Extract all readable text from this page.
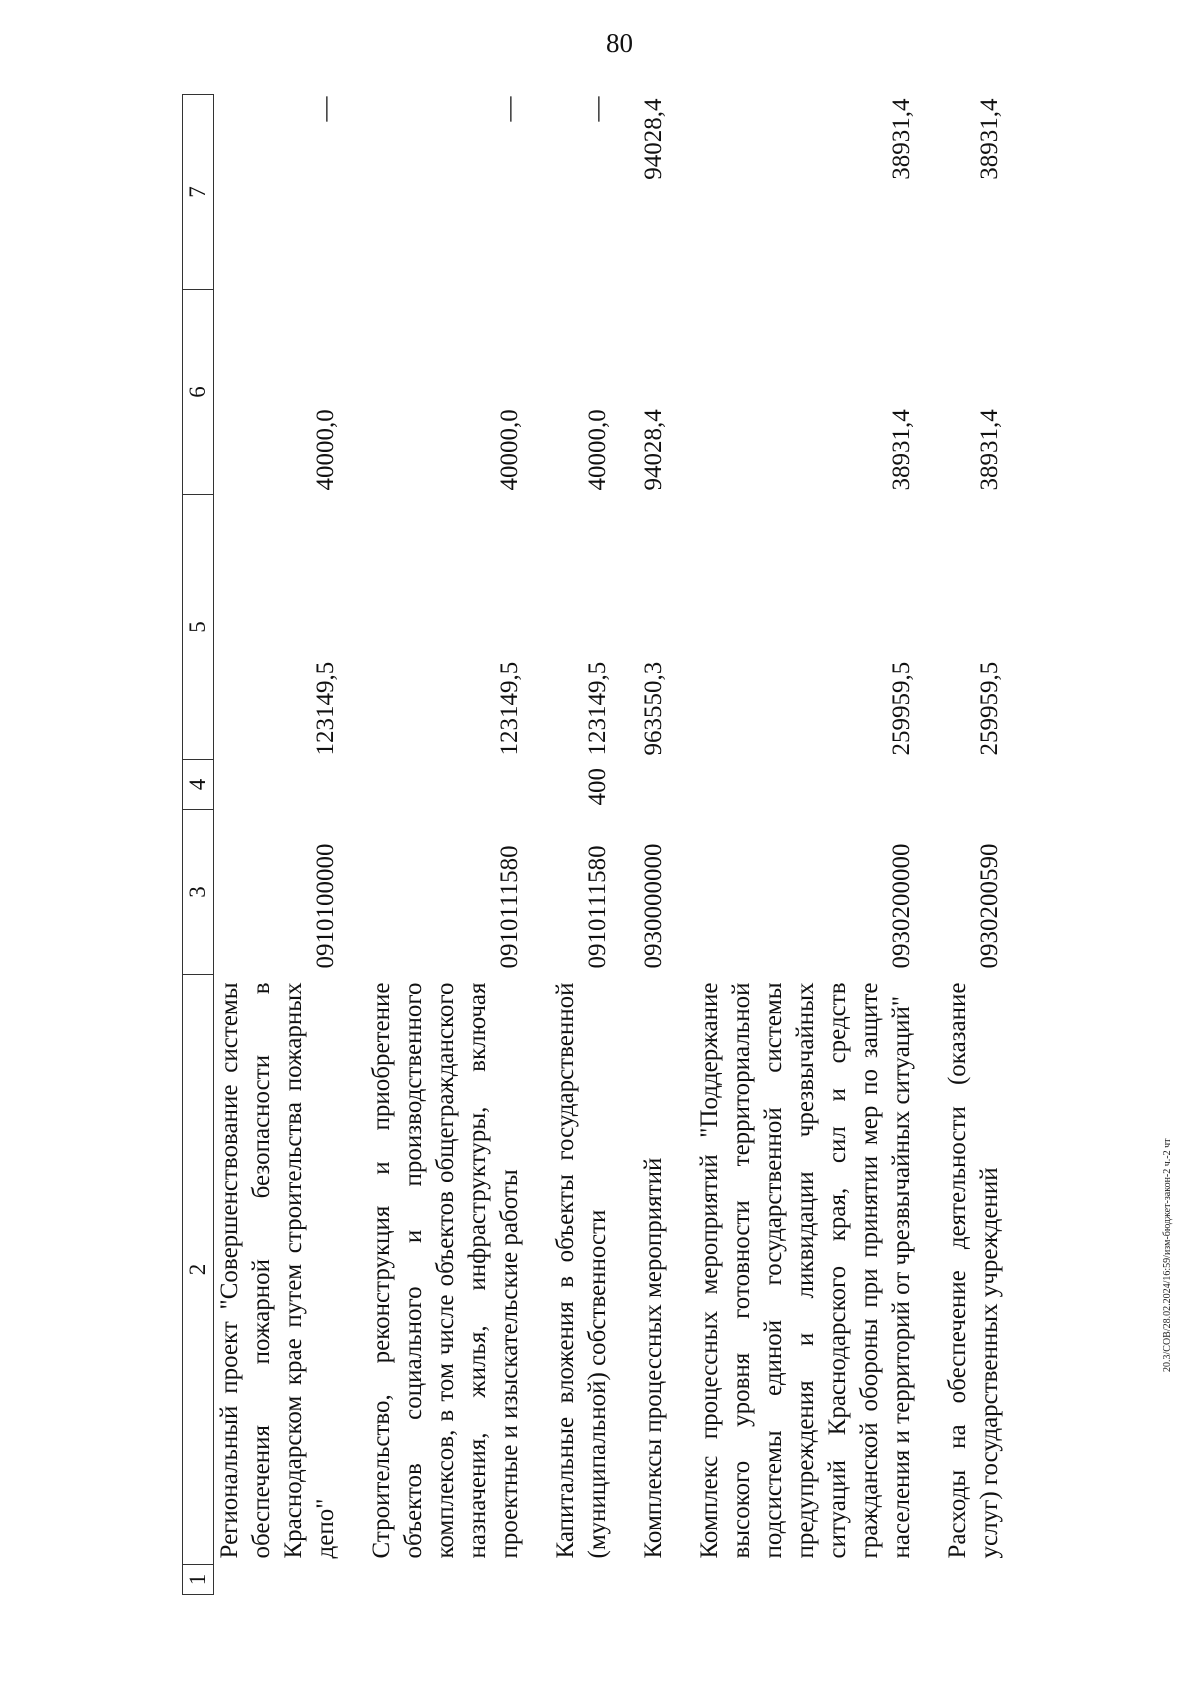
80
1	2	3	4	5	6	7
	Региональный проект "Совершенствование системы обеспечения пожарной безопасности в Краснодарском крае путем строительства пожарных депо"	0910100000		123149,5	40000,0	—

	Строительство, реконструкция и приобретение объектов социального и производственного комплексов, в том числе объектов общегражданского назначения, жилья, инфраструктуры, включая проектные и изыскательские работы	0910111580		123149,5	40000,0	—

	Капитальные вложения в объекты государственной (муниципальной) собственности	0910111580	400	123149,5	40000,0	—

	Комплексы процессных мероприятий	0930000000		963550,3	94028,4	94028,4

	Комплекс процессных мероприятий "Поддержание высокого уровня готовности территориальной подсистемы единой государственной системы предупреждения и ликвидации чрезвычайных ситуаций Краснодарского края, сил и средств гражданской обороны при принятии мер по защите населения и территорий от чрезвычайных ситуаций"	0930200000		259959,5	38931,4	38931,4

	Расходы на обеспечение деятельности (оказание услуг) государственных учреждений	0930200590		259959,5	38931,4	38931,4
20.3/СОВ/28.02.2024/16:59/изм-бюджет-закон-2 ч.-2 чт
